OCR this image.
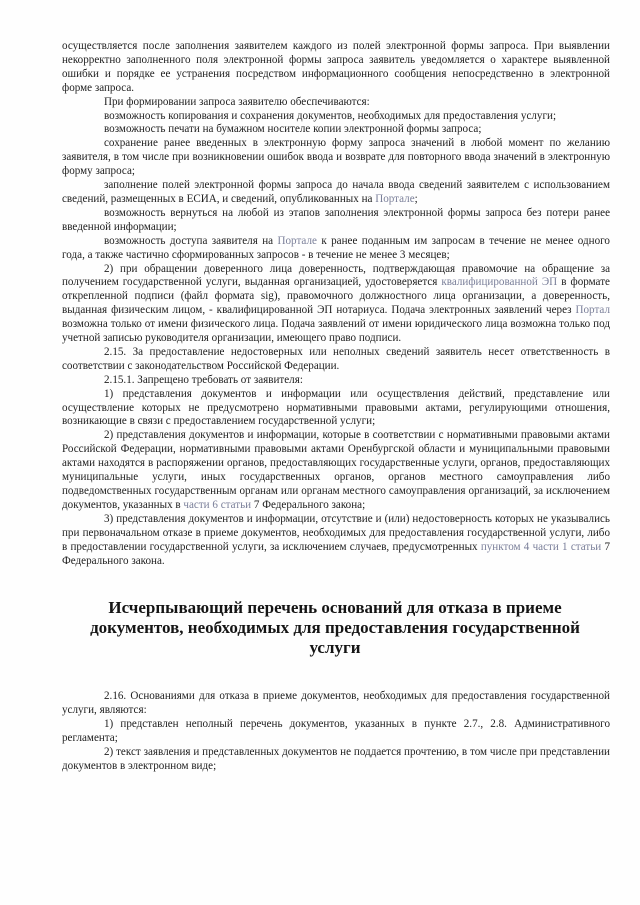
осуществляется после заполнения заявителем каждого из полей электронной формы запроса. При выявлении некорректно заполненного поля электронной формы запроса заявитель уведомляется о характере выявленной ошибки и порядке ее устранения посредством информационного сообщения непосредственно в электронной форме запроса.

При формировании запроса заявителю обеспечиваются:

возможность копирования и сохранения документов, необходимых для предоставления услуги;

возможность печати на бумажном носителе копии электронной формы запроса;

сохранение ранее введенных в электронную форму запроса значений в любой момент по желанию заявителя, в том числе при возникновении ошибок ввода и возврате для повторного ввода значений в электронную форму запроса;

заполнение полей электронной формы запроса до начала ввода сведений заявителем с использованием сведений, размещенных в ЕСИА, и сведений, опубликованных на Портале;

возможность вернуться на любой из этапов заполнения электронной формы запроса без потери ранее введенной информации;

возможность доступа заявителя на Портале к ранее поданным им запросам в течение не менее одного года, а также частично сформированных запросов - в течение не менее 3 месяцев;

2) при обращении доверенного лица доверенность, подтверждающая правомочие на обращение за получением государственной услуги, выданная организацией, удостоверяется квалифицированной ЭП в формате открепленной подписи (файл формата sig), правомочного должностного лица организации, а доверенность, выданная физическим лицом, - квалифицированной ЭП нотариуса. Подача электронных заявлений через Портал возможна только от имени физического лица. Подача заявлений от имени юридического лица возможна только под учетной записью руководителя организации, имеющего право подписи.

2.15. За предоставление недостоверных или неполных сведений заявитель несет ответственность в соответствии с законодательством Российской Федерации.

2.15.1. Запрещено требовать от заявителя:

1) представления документов и информации или осуществления действий, представление или осуществление которых не предусмотрено нормативными правовыми актами, регулирующими отношения, возникающие в связи с предоставлением государственной услуги;

2) представления документов и информации, которые в соответствии с нормативными правовыми актами Российской Федерации, нормативными правовыми актами Оренбургской области и муниципальными правовыми актами находятся в распоряжении органов, предоставляющих государственные услуги, органов, предоставляющих муниципальные услуги, иных государственных органов, органов местного самоуправления либо подведомственных государственным органам или органам местного самоуправления организаций, за исключением документов, указанных в части 6 статьи 7 Федерального закона;

3) представления документов и информации, отсутствие и (или) недостоверность которых не указывались при первоначальном отказе в приеме документов, необходимых для предоставления государственной услуги, либо в предоставлении государственной услуги, за исключением случаев, предусмотренных пунктом 4 части 1 статьи 7 Федерального закона.

Исчерпывающий перечень оснований для отказа в приеме документов, необходимых для предоставления государственной услуги

2.16. Основаниями для отказа в приеме документов, необходимых для предоставления государственной услуги, являются:

1) представлен неполный перечень документов, указанных в пункте 2.7., 2.8. Административного регламента;

2) текст заявления и представленных документов не поддается прочтению, в том числе при представлении документов в электронном виде;
